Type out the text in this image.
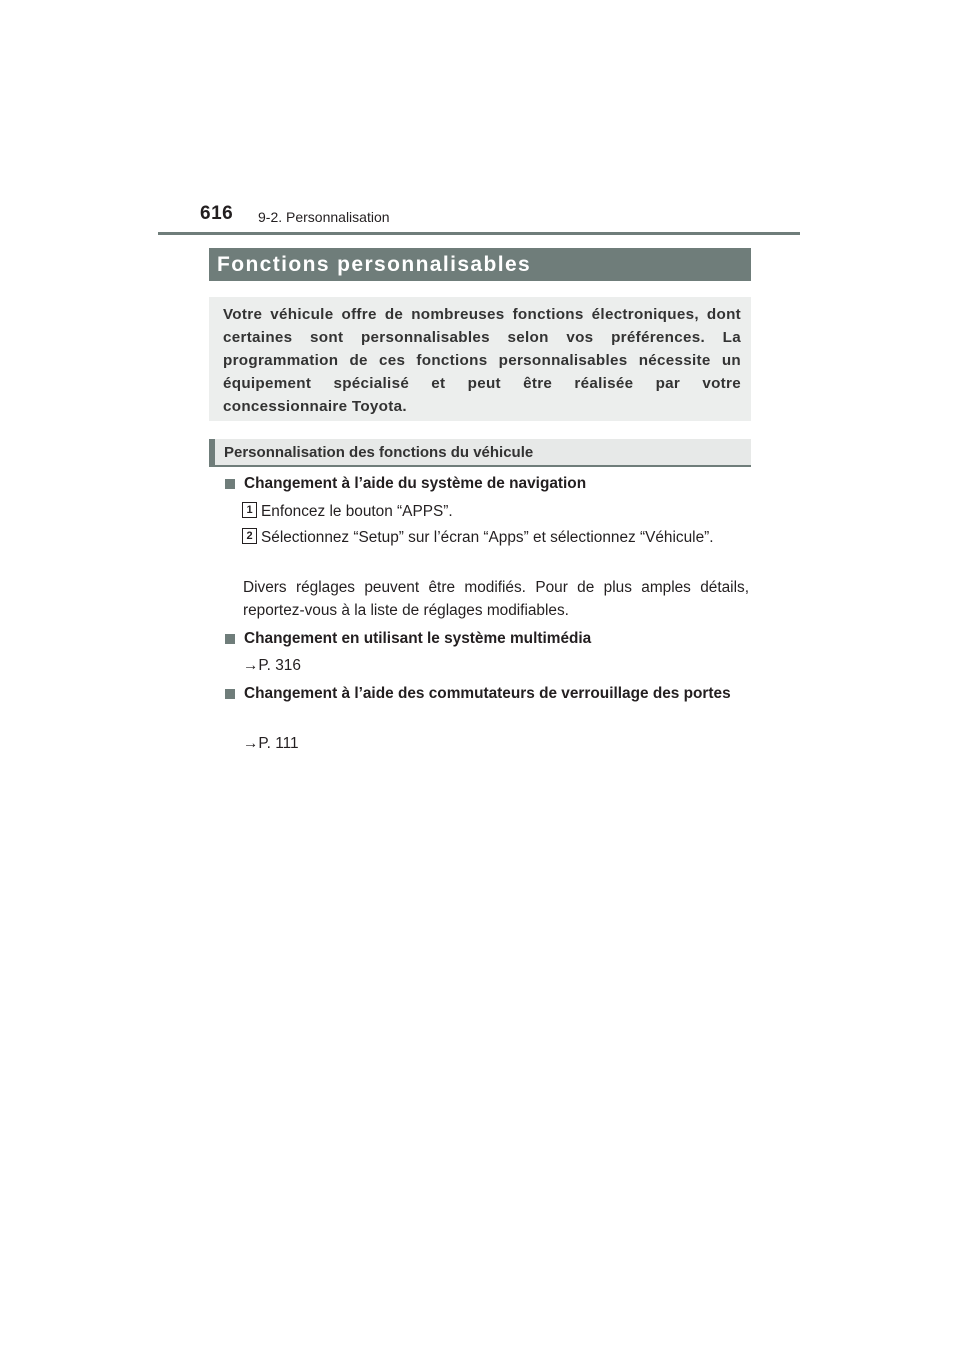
616 9-2. Personnalisation
Fonctions personnalisables
Votre véhicule offre de nombreuses fonctions électroniques, dont certaines sont personnalisables selon vos préférences. La programmation de ces fonctions personnalisables nécessite un équipement spécialisé et peut être réalisée par votre concessionnaire Toyota.
Personnalisation des fonctions du véhicule
Changement à l’aide du système de navigation
1 Enfoncez le bouton “APPS”.
2 Sélectionnez “Setup” sur l’écran “Apps” et sélectionnez “Véhicule”.
Divers réglages peuvent être modifiés. Pour de plus amples détails, reportez-vous à la liste de réglages modifiables.
Changement en utilisant le système multimédia
→P. 316
Changement à l’aide des commutateurs de verrouillage des portes
→P. 111
